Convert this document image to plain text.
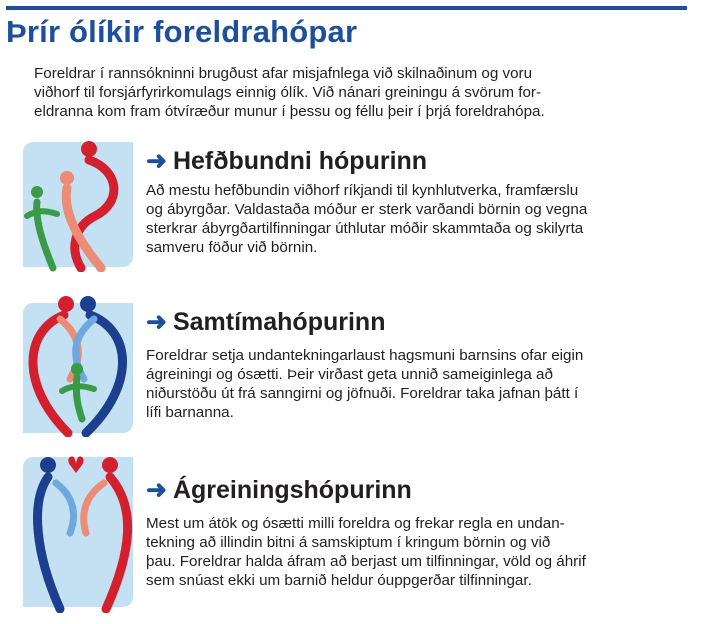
Þrír ólíkir foreldrahópar

Foreldrar í rannsókninni brugðust afar misjafnlega við skilnaðinum og voru

viðhorf til forsjárfyrirkomulags einnig ólík. Við nánari greiningu á svörum for-

eldranna kom fram ótvíræður munur í þessu og féllu þeir í þrjá foreldrahópa.

➜ Hefðbundni hópurinn

Að mestu hefðbundin viðhorf ríkjandi til kynhlutverka, framfærslu

og ábyrgðar. Valdastaða móður er sterk varðandi börnin og vegna

sterkrar ábyrgðartilfinningar úthlutar móðir skammtaða og skilyrta

samveru föður við börnin.

➜ Samtímahópurinn

Foreldrar setja undantekningarlaust hagsmuni barnsins ofar eigin

ágreiningi og ósætti. Þeir virðast geta unnið sameiginlega að

niðurstöðu út frá sanngirni og jöfnuði. Foreldrar taka jafnan þátt í

lífi barnanna.

➜ Ágreiningshópurinn

Mest um átök og ósætti milli foreldra og frekar regla en undan-

tekning að illindin bitni á samskiptum í kringum börnin og við

þau. Foreldrar halda áfram að berjast um tilfinningar, völd og áhrif

sem snúast ekki um barnið heldur óuppgerðar tilfinningar.
